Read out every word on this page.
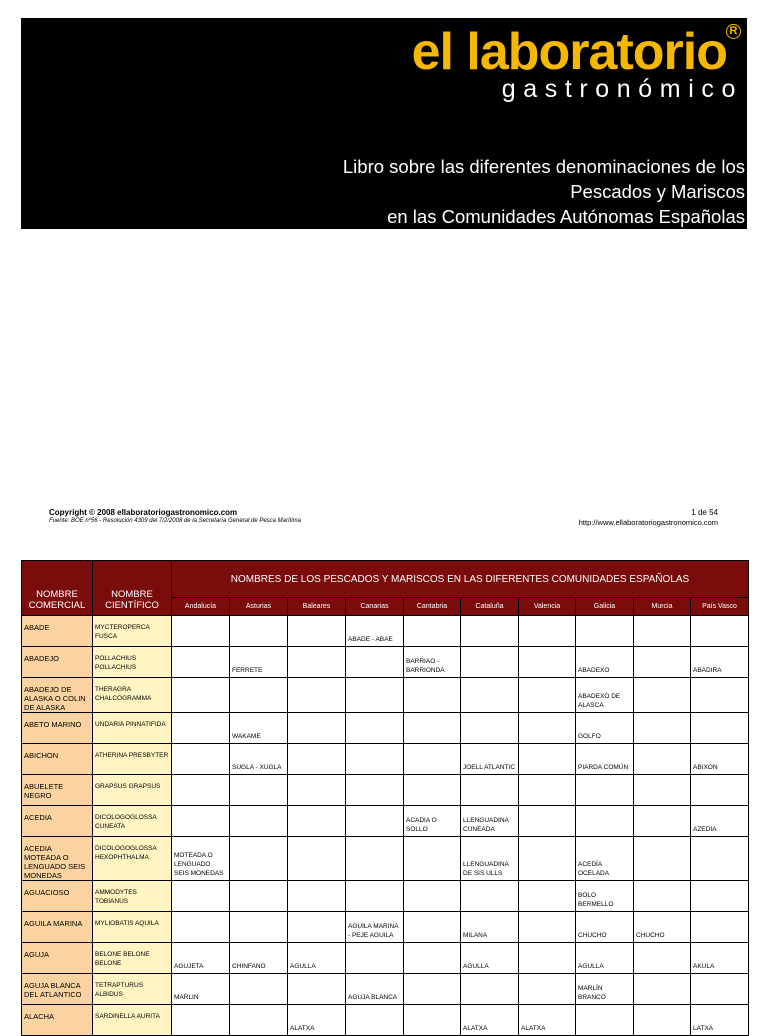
el laboratorio R
gastronómico
Libro sobre las diferentes denominaciones de los
Pescados y Mariscos
en las Comunidades Autónomas Españolas
Copyright © 2008 ellaboratoriogastronomico.com
Fuente: BOE nº56 - Resolución 4309 del 7/2/2008 de la Secretaría General de Pesca Marítima
1 de 54
http://www.ellaboratoriogastronomico.com
NOMBRE COMERCIAL	NOMBRE CIENTÍFICO	NOMBRES DE LOS PESCADOS Y MARISCOS EN LAS DIFERENTES COMUNIDADES ESPAÑOLAS									
		Andalucía	Asturias	Baleares	Canarias	Cantabria	Cataluña	Valencia	Galicia	Murcia	País Vasco
ABADE	MYCTEROPERCA FUSCA				ABADE - ABAE						
ABADEJO	POLLACHIUS POLLACHIUS		FERRETE			BARRIAO - BARRIONDA			ABADEXO		ABADIRA
ABADEJO DE ALASKA O COLIN DE ALASKA	THERAGRA CHALCOGRAMMA								ABADEXO DE ALASCA		
ABETO MARINO	UNDARIA PINNATIFIDA		WAKAME						GOLFO		
ABICHON	ATHERINA PRESBYTER		SUGLA - XUGLA				JOELL ATLANTIC		PIARDA COMÚN		ABIXON
ABUELETE NEGRO	GRAPSUS GRAPSUS										
ACEDIA	DICOLOGOGLOSSA CUNEATA					ACADIA O SOLLO	LLENGUADINA CUNEADA				AZEDIA
ACEDIA MOTEADA O LENGUADO SEIS MONEDAS	DICOLOGOGLOSSA HEXOPHTHALMA	MOTEADA O LENGUADO SEIS MONEDAS					LLENGUADINA DE SIS ULLS		ACEDÍA OCELADA		
AGUACIOSO	AMMODYTES TOBIANUS								BOLO BERMELLO		
AGUILA MARINA	MYLIOBATIS AQUILA				AGUILA MARINA - PEJE AGUILA		MILANA		CHUCHO	CHUCHO	
AGUJA	BELONE BELONE BELONE	AGUJETA	CHINFANO	AGULLA			AGULLA		AGULLA		AKULA
AGUJA BLANCA DEL ATLANTICO	TETRAPTURUS ALBIDUS	MARLIN			AGUJA BLANCA				MARLÍN BRANCO		
ALACHA	SARDINELLA AURITA			ALATXA			ALATXA	ALATXA			LATXA
